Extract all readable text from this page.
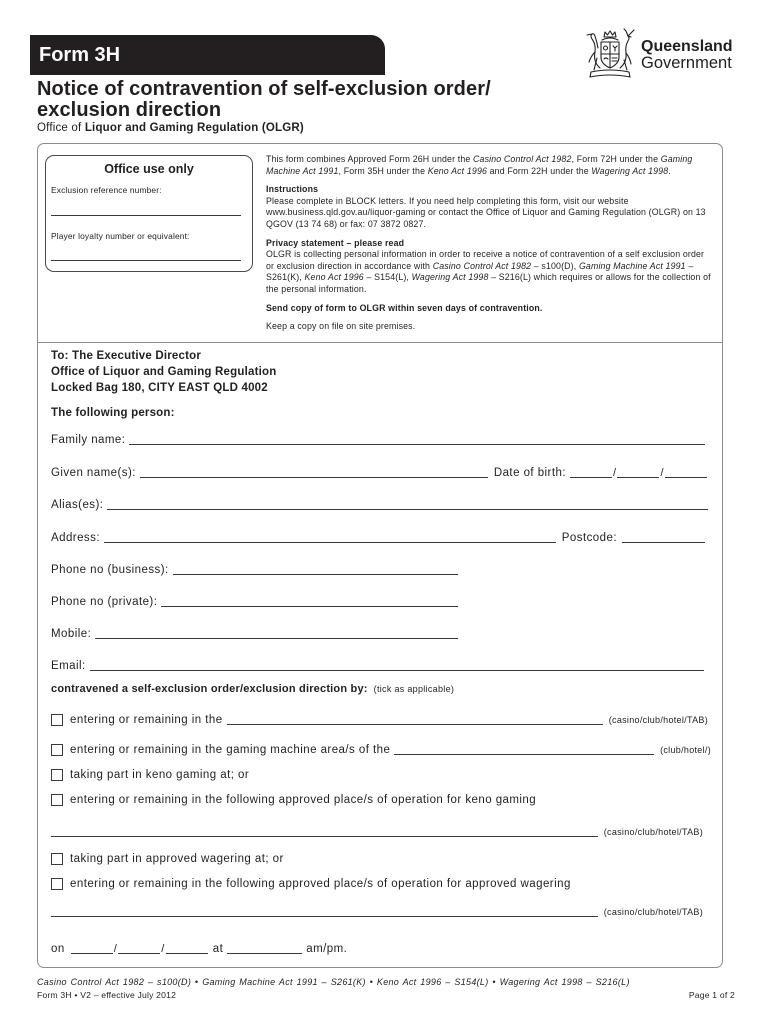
Form 3H	Queensland
Government
Notice of contravention of self-exclusion order/
exclusion direction
Office of Liquor and Gaming Regulation (OLGR)
Office use only
Exclusion reference number:
Player loyalty number or equivalent:

This form combines Approved Form 26H under the Casino Control Act 1982, Form 72H under the Gaming Machine Act 1991, Form 35H under the Keno Act 1996 and Form 22H under the Wagering Act 1998.

Instructions

Please complete in BLOCK letters. If you need help completing this form, visit our website www.business.qld.gov.au/liquor-gaming or contact the Office of Liquor and Gaming Regulation (OLGR) on 13 QGOV (13 74 68) or fax: 07 3872 0827.

Privacy statement – please read

OLGR is collecting personal information in order to receive a notice of contravention of a self exclusion order or exclusion direction in accordance with Casino Control Act 1982 – s100(D), Gaming Machine Act 1991 – S261(K), Keno Act 1996 – S154(L), Wagering Act 1998 – S216(L) which requires or allows for the collection of the personal information.

Send copy of form to OLGR within seven days of contravention.

Keep a copy on file on site premises.

To: The Executive Director
Office of Liquor and Gaming Regulation
Locked Bag 180, CITY EAST QLD 4002
The following person:
Family name:
Given name(s):	Date of birth:	/	/
Alias(es):
Address:	Postcode:
Phone no (business):
Phone no (private):
Mobile:
Email:
contravened a self-exclusion order/exclusion direction by: (tick as applicable)
entering or remaining in the	(casino/club/hotel/TAB)
entering or remaining in the gaming machine area/s of the	(club/hotel/)
taking part in keno gaming at; or
entering or remaining in the following approved place/s of operation for keno gaming
(casino/club/hotel/TAB)
taking part in approved wagering at; or
entering or remaining in the following approved place/s of operation for approved wagering
(casino/club/hotel/TAB)
on	/	/	at	am/pm.
Casino Control Act 1982 – s100(D) • Gaming Machine Act 1991 – S261(K) • Keno Act 1996 – S154(L) • Wagering Act 1998 – S216(L)
Form 3H • V2 – effective July 2012	Page 1 of 2
